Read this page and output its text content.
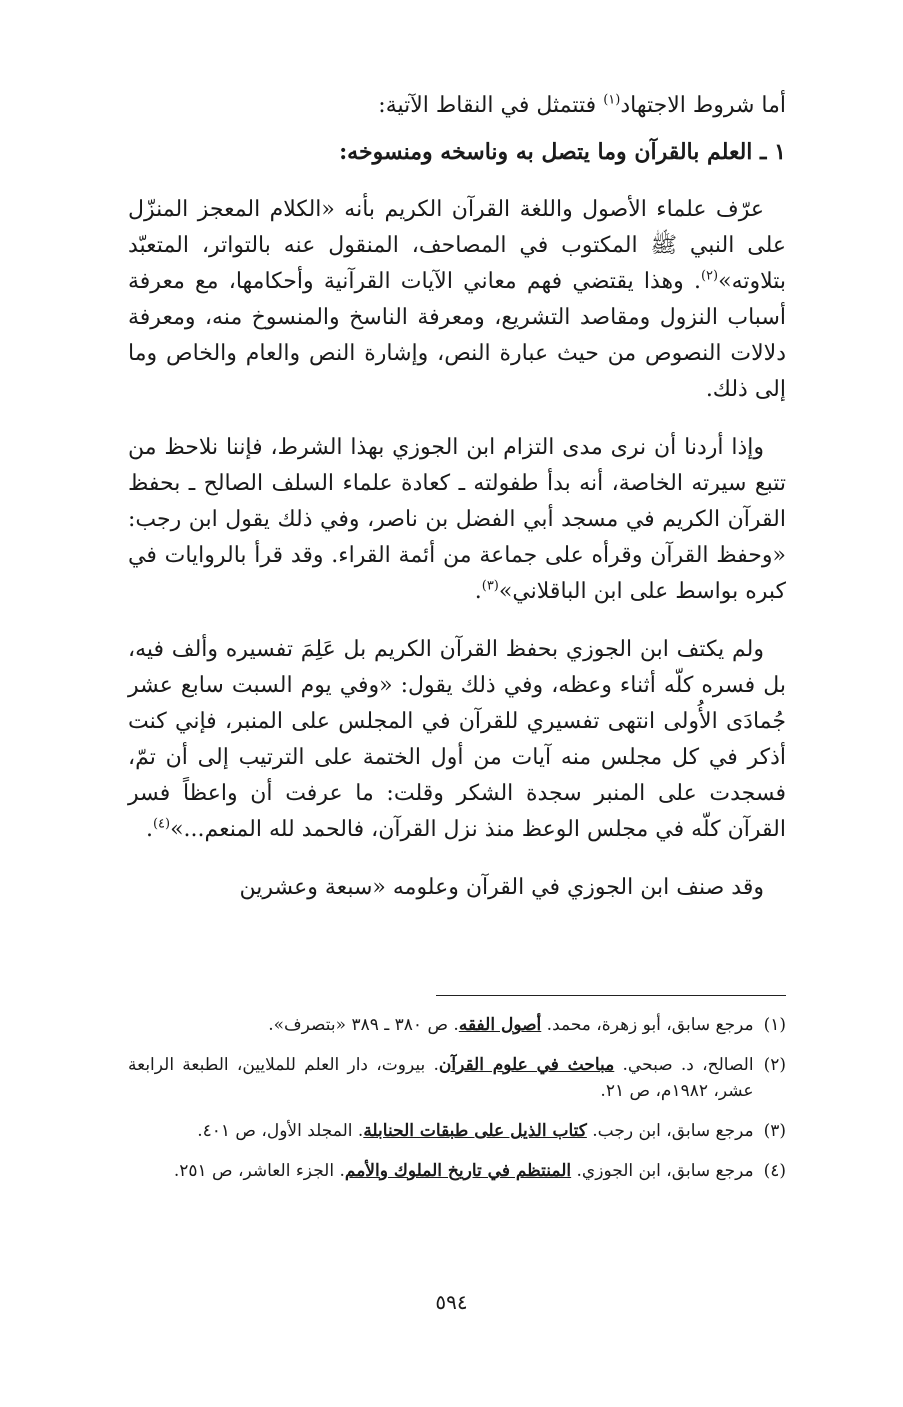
أما شروط الاجتهاد$^{(١)}$ فتتمثل في النقاط الآتية:
١ ـ العلم بالقرآن وما يتصل به وناسخه ومنسوخه:

عرّف علماء الأصول واللغة القرآن الكريم بأنه «الكلام المعجز المنزّل على النبي ﷺ المكتوب في المصاحف، المنقول عنه بالتواتر، المتعبّد بتلاوته»$^{(٢)}$. وهذا يقتضي فهم معاني الآيات القرآنية وأحكامها، مع معرفة أسباب النزول ومقاصد التشريع، ومعرفة الناسخ والمنسوخ منه، ومعرفة دلالات النصوص من حيث عبارة النص، وإشارة النص والعام والخاص وما إلى ذلك.

وإذا أردنا أن نرى مدى التزام ابن الجوزي بهذا الشرط، فإننا نلاحظ من تتبع سيرته الخاصة، أنه بدأ طفولته ـ كعادة علماء السلف الصالح ـ بحفظ القرآن الكريم في مسجد أبي الفضل بن ناصر، وفي ذلك يقول ابن رجب: «وحفظ القرآن وقرأه على جماعة من أئمة القراء. وقد قرأ بالروايات في كبره بواسط على ابن الباقلاني»$^{(٣)}$.

ولم يكتف ابن الجوزي بحفظ القرآن الكريم بل عَلِمَ تفسيره وألف فيه، بل فسره كلّه أثناء وعظه، وفي ذلك يقول: «وفي يوم السبت سابع عشر جُمادَى الأُولى انتهى تفسيري للقرآن في المجلس على المنبر، فإني كنت أذكر في كل مجلس منه آيات من أول الختمة على الترتيب إلى أن تمّ، فسجدت على المنبر سجدة الشكر وقلت: ما عرفت أن واعظاً فسر القرآن كلّه في مجلس الوعظ منذ نزل القرآن، فالحمد لله المنعم...»$^{(٤)}$.

وقد صنف ابن الجوزي في القرآن وعلومه «سبعة وعشرين

(١)
مرجع سابق، أبو زهرة، محمد. أصول الفقه. ص ٣٨٠ ـ ٣٨٩ «بتصرف».
(٢)
الصالح، د. صبحي. مباحث في علوم القرآن. بيروت، دار العلم للملايين، الطبعة الرابعة عشر، ١٩٨٢م، ص ٢١.
(٣)
مرجع سابق، ابن رجب. كتاب الذيل على طبقات الحنابلة. المجلد الأول، ص ٤٠١.
(٤)
مرجع سابق، ابن الجوزي. المنتظم في تاريخ الملوك والأمم. الجزء العاشر، ص ٢٥١.
٥٩٤
